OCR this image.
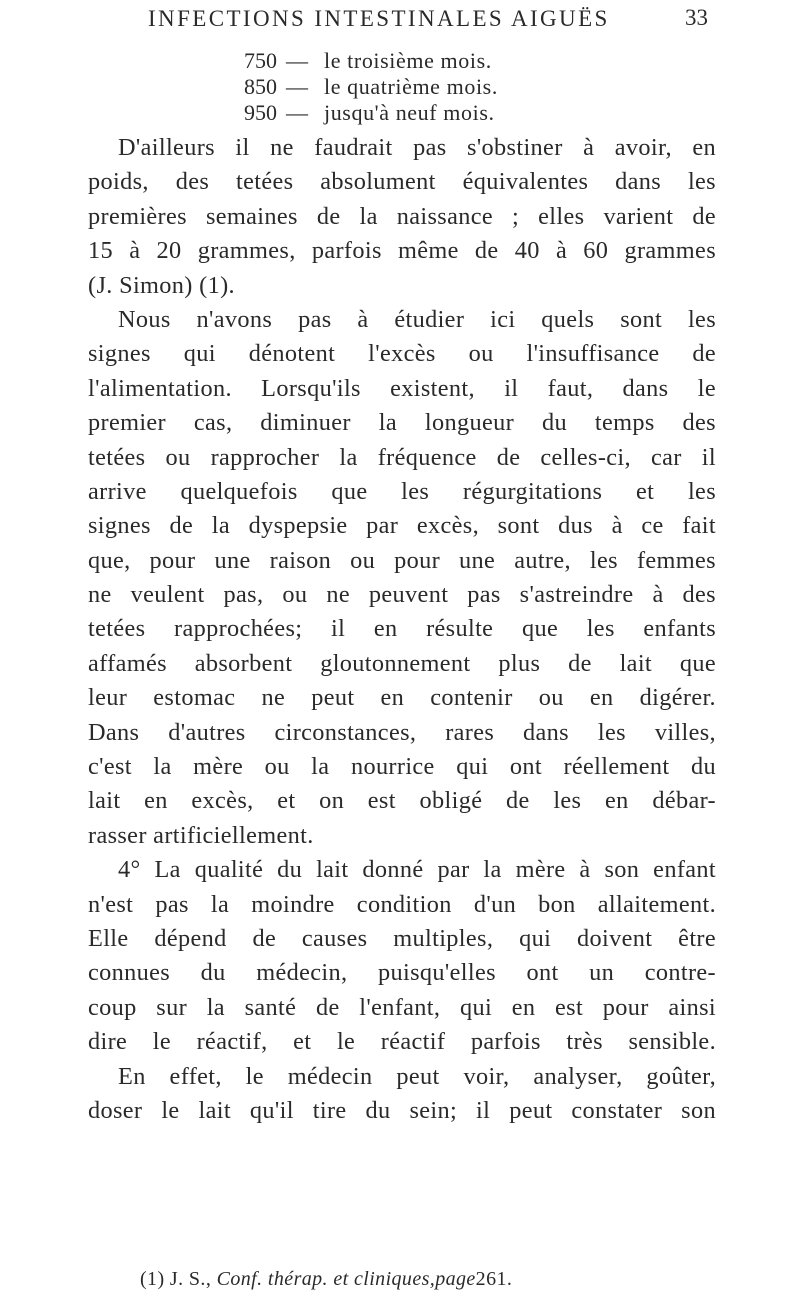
INFECTIONS INTESTINALES AIGUËS	33
750 — le troisième mois.
850 — le quatrième mois.
950 — jusqu'à neuf mois.
D'ailleurs il ne faudrait pas s'obstiner à avoir, en
poids, des tetées absolument équivalentes dans les
premières semaines de la naissance ; elles varient de
15 à 20 grammes, parfois même de 40 à 60 grammes
(J. Simon) (1).
Nous n'avons pas à étudier ici quels sont les
signes qui dénotent l'excès ou l'insuffisance de
l'alimentation. Lorsqu'ils existent, il faut, dans le
premier cas, diminuer la longueur du temps des
tetées ou rapprocher la fréquence de celles-ci, car il
arrive quelquefois que les régurgitations et les
signes de la dyspepsie par excès, sont dus à ce fait
que, pour une raison ou pour une autre, les femmes
ne veulent pas, ou ne peuvent pas s'astreindre à des
tetées rapprochées; il en résulte que les enfants
affamés absorbent gloutonnement plus de lait que
leur estomac ne peut en contenir ou en digérer.
Dans d'autres circonstances, rares dans les villes,
c'est la mère ou la nourrice qui ont réellement du
lait en excès, et on est obligé de les en débar-
rasser artificiellement.
4° La qualité du lait donné par la mère à son enfant
n'est pas la moindre condition d'un bon allaitement.
Elle dépend de causes multiples, qui doivent être
connues du médecin, puisqu'elles ont un contre-
coup sur la santé de l'enfant, qui en est pour ainsi
dire le réactif, et le réactif parfois très sensible.
En effet, le médecin peut voir, analyser, goûter,
doser le lait qu'il tire du sein; il peut constater son
(1) J. S., Conf. thérap. et cliniques,page261.
